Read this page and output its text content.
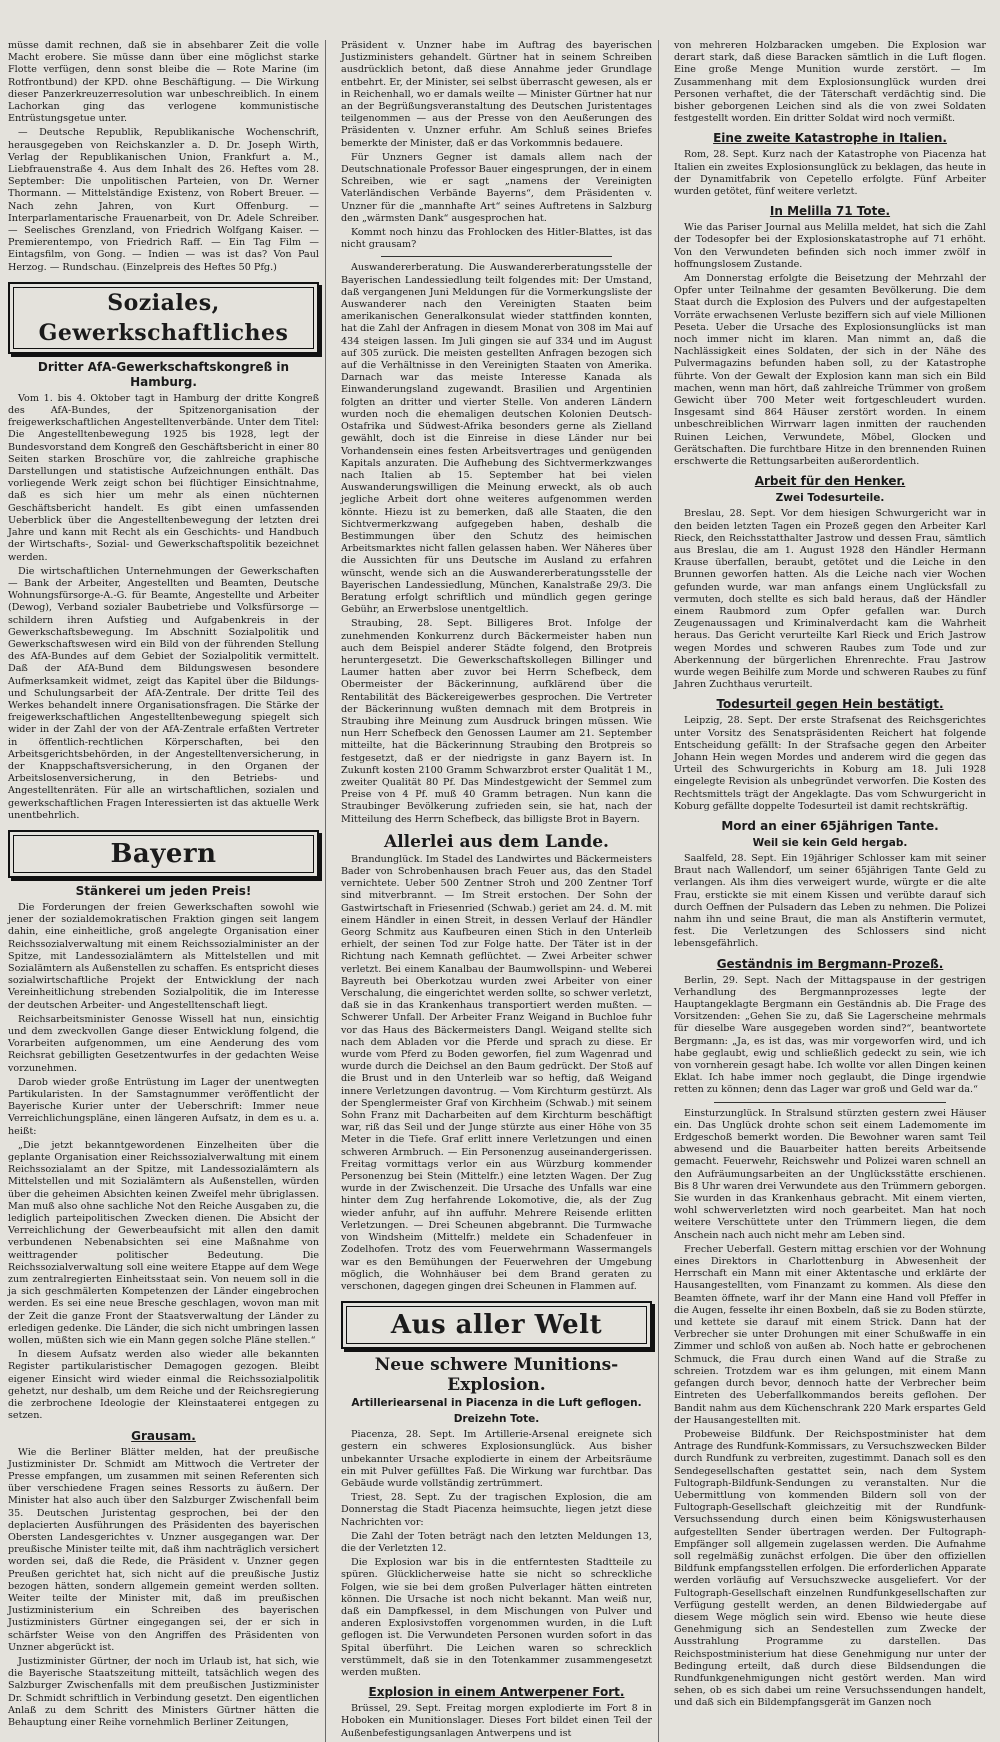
müsse damit rechnen, daß sie in absehbarer Zeit die volle Macht erobere. Sie müsse dann über eine möglichst starke Flotte verfügen, denn sonst bleibe die — Rote Marine (im Rotfrontbund) der KPD. ohne Beschäftigung. — Die Wirkung dieser Panzerkreuzerresolution war unbeschreiblich. In einem Lachorkan ging das verlogene kommunistische Entrüstungsgetue unter.

— Deutsche Republik, Republikanische Wochenschrift, herausgegeben von Reichskanzler a. D. Dr. Joseph Wirth, Verlag der Republikanischen Union, Frankfurt a. M., Liebfrauenstraße 4. Aus dem Inhalt des 26. Heftes vom 28. September: Die unpolitischen Parteien, von Dr. Werner Thormann. — Mittelständige Existenz, von Robert Breuer. — Nach zehn Jahren, von Kurt Offenburg. — Interparlamentarische Frauenarbeit, von Dr. Adele Schreiber. — Seelisches Grenzland, von Friedrich Wolfgang Kaiser. — Premierentempo, von Friedrich Raff. — Ein Tag Film — Eintagsfilm, von Gong. — Indien — was ist das? Von Paul Herzog. — Rundschau. (Einzelpreis des Heftes 50 Pfg.)

Soziales, Gewerkschaftliches
Dritter AfA-Gewerkschaftskongreß in Hamburg.

Vom 1. bis 4. Oktober tagt in Hamburg der dritte Kongreß des AfA-Bundes, der Spitzenorganisation der freigewerkschaftlichen Angestelltenverbände. Unter dem Titel: Die Angestelltenbewegung 1925 bis 1928, legt der Bundesvorstand dem Kongreß den Geschäftsbericht in einer 80 Seiten starken Broschüre vor, die zahlreiche graphische Darstellungen und statistische Aufzeichnungen enthält. Das vorliegende Werk zeigt schon bei flüchtiger Einsichtnahme, daß es sich hier um mehr als einen nüchternen Geschäftsbericht handelt. Es gibt einen umfassenden Ueberblick über die Angestelltenbewegung der letzten drei Jahre und kann mit Recht als ein Geschichts- und Handbuch der Wirtschafts-, Sozial- und Gewerkschaftspolitik bezeichnet werden.

Die wirtschaftlichen Unternehmungen der Gewerkschaften — Bank der Arbeiter, Angestellten und Beamten, Deutsche Wohnungsfürsorge-A.-G. für Beamte, Angestellte und Arbeiter (Dewog), Verband sozialer Baubetriebe und Volksfürsorge — schildern ihren Aufstieg und Aufgabenkreis in der Gewerkschaftsbewegung. Im Abschnitt Sozialpolitik und Gewerkschaftswesen wird ein Bild von der führenden Stellung des AfA-Bundes auf dem Gebiet der Sozialpolitik vermittelt. Daß der AfA-Bund dem Bildungswesen besondere Aufmerksamkeit widmet, zeigt das Kapitel über die Bildungs- und Schulungsarbeit der AfA-Zentrale. Der dritte Teil des Werkes behandelt innere Organisationsfragen. Die Stärke der freigewerkschaftlichen Angestelltenbewegung spiegelt sich wider in der Zahl der von der AfA-Zentrale erfaßten Vertreter in öffentlich-rechtlichen Körperschaften, bei den Arbeitsgerichtsbehörden, in der Angestelltenversicherung, in der Knappschaftsversicherung, in den Organen der Arbeitslosenversicherung, in den Betriebs- und Angestelltenräten. Für alle an wirtschaftlichen, sozialen und gewerkschaftlichen Fragen Interessierten ist das aktuelle Werk unentbehrlich.

Bayern
Stänkerei um jeden Preis!

Die Forderungen der freien Gewerkschaften sowohl wie jener der sozialdemokratischen Fraktion gingen seit langem dahin, eine einheitliche, groß angelegte Organisation einer Reichssozialverwaltung mit einem Reichssozialminister an der Spitze, mit Landessozialämtern als Mittelstellen und mit Sozialämtern als Außenstellen zu schaffen. Es entspricht dieses sozialwirtschaftliche Projekt der Entwicklung der nach Vereinheitlichung strebenden Sozialpolitik, die im Interesse der deutschen Arbeiter- und Angestelltenschaft liegt.

Reichsarbeitsminister Genosse Wissell hat nun, einsichtig und dem zweckvollen Gange dieser Entwicklung folgend, die Vorarbeiten aufgenommen, um eine Aenderung des vom Reichsrat gebilligten Gesetzentwurfes in der gedachten Weise vorzunehmen.

Darob wieder große Entrüstung im Lager der unentwegten Partikularisten. In der Samstagnummer veröffentlicht der Bayerische Kurier unter der Ueberschrift: Immer neue Verreichlichungspläne, einen längeren Aufsatz, in dem es u. a. heißt:

„Die jetzt bekanntgewordenen Einzelheiten über die geplante Organisation einer Reichssozialverwaltung mit einem Reichssozialamt an der Spitze, mit Landessozialämtern als Mittelstellen und mit Sozialämtern als Außenstellen, würden über die geheimen Absichten keinen Zweifel mehr übriglassen. Man muß also ohne sachliche Not den Reiche Ausgaben zu, die lediglich parteipolitischen Zwecken dienen. Die Absicht der Verreichlichung der Gewerbeaufsicht mit allen den damit verbundenen Nebenabsichten sei eine Maßnahme von weittragender politischer Bedeutung. Die Reichssozialverwaltung soll eine weitere Etappe auf dem Wege zum zentralregierten Einheitsstaat sein. Von neuem soll in die ja sich geschmälerten Kompetenzen der Länder eingebrochen werden. Es sei eine neue Bresche geschlagen, wovon man mit der Zeit die ganze Front der Staatsverwaltung der Länder zu erledigen gedenke. Die Länder, die sich nicht umbringen lassen wollen, müßten sich wie ein Mann gegen solche Pläne stellen.“

In diesem Aufsatz werden also wieder alle bekannten Register partikularistischer Demagogen gezogen. Bleibt eigener Einsicht wird wieder einmal die Reichssozialpolitik gehetzt, nur deshalb, um dem Reiche und der Reichsregierung die zerbrochene Ideologie der Kleinstaaterei entgegen zu setzen.

Grausam.

Wie die Berliner Blätter melden, hat der preußische Justizminister Dr. Schmidt am Mittwoch die Vertreter der Presse empfangen, um zusammen mit seinen Referenten sich über verschiedene Fragen seines Ressorts zu äußern. Der Minister hat also auch über den Salzburger Zwischenfall beim 35. Deutschen Juristentag gesprochen, bei der den deplacierten Ausführungen des Präsidenten des bayerischen Obersten Landesgerichtes v. Unzner ausgegangen war. Der preußische Minister teilte mit, daß ihm nachträglich versichert worden sei, daß die Rede, die Präsident v. Unzner gegen Preußen gerichtet hat, sich nicht auf die preußische Justiz bezogen hätten, sondern allgemein gemeint werden sollten. Weiter teilte der Minister mit, daß im preußischen Justizministerium ein Schreiben des bayerischen Justizministers Gürtner eingegangen sei, der er sich in schärfster Weise von den Angriffen des Präsidenten von Unzner abgerückt ist.

Justizminister Gürtner, der noch im Urlaub ist, hat sich, wie die Bayerische Staatszeitung mitteilt, tatsächlich wegen des Salzburger Zwischenfalls mit dem preußischen Justizminister Dr. Schmidt schriftlich in Verbindung gesetzt. Den eigentlichen Anlaß zu dem Schritt des Ministers Gürtner hätten die Behauptung einer Reihe vornehmlich Berliner Zeitungen,

Präsident v. Unzner habe im Auftrag des bayerischen Justizministers gehandelt. Gürtner hat in seinem Schreiben ausdrücklich betont, daß diese Annahme jeder Grundlage entbehrt. Er, der Minister, sei selbst überrascht gewesen, als er in Reichenhall, wo er damals weilte — Minister Gürtner hat nur an der Begrüßungsveranstaltung des Deutschen Juristentages teilgenommen — aus der Presse von den Aeußerungen des Präsidenten v. Unzner erfuhr. Am Schluß seines Briefes bemerkte der Minister, daß er das Vorkommnis bedauere.

Für Unzners Gegner ist damals allem nach der Deutschnationale Professor Bauer eingesprungen, der in einem Schreiben, wie er sagt „namens der Vereinigten Vaterländischen Verbände Bayerns“, dem Präsidenten v. Unzner für die „mannhafte Art“ seines Auftretens in Salzburg den „wärmsten Dank“ ausgesprochen hat.

Kommt noch hinzu das Frohlocken des Hitler-Blattes, ist das nicht grausam?

Auswandererberatung. Die Auswandererberatungsstelle der Bayerischen Landessiedlung teilt folgendes mit: Der Umstand, daß vergangenen Juni Meldungen für die Vormerkungsliste der Auswanderer nach den Vereinigten Staaten beim amerikanischen Generalkonsulat wieder stattfinden konnten, hat die Zahl der Anfragen in diesem Monat von 308 im Mai auf 434 steigen lassen. Im Juli gingen sie auf 334 und im August auf 305 zurück. Die meisten gestellten Anfragen bezogen sich auf die Verhältnisse in den Vereinigten Staaten von Amerika. Darnach war das meiste Interesse Kanada als Einwanderungsland zugewandt. Brasilien und Argentinien folgten an dritter und vierter Stelle. Von anderen Ländern wurden noch die ehemaligen deutschen Kolonien Deutsch-Ostafrika und Südwest-Afrika besonders gerne als Zielland gewählt, doch ist die Einreise in diese Länder nur bei Vorhandensein eines festen Arbeitsvertrages und genügenden Kapitals anzuraten. Die Aufhebung des Sichtvermerkzwanges nach Italien ab 15. September hat bei vielen Auswanderungswilligen die Meinung erweckt, als ob auch jegliche Arbeit dort ohne weiteres aufgenommen werden könnte. Hiezu ist zu bemerken, daß alle Staaten, die den Sichtvermerkzwang aufgegeben haben, deshalb die Bestimmungen über den Schutz des heimischen Arbeitsmarktes nicht fallen gelassen haben. Wer Näheres über die Aussichten für uns Deutsche im Ausland zu erfahren wünscht, wende sich an die Auswandererberatungsstelle der Bayerischen Landessiedlung, München, Kanalstraße 29/3. Die Beratung erfolgt schriftlich und mündlich gegen geringe Gebühr, an Erwerbslose unentgeltlich.

Straubing, 28. Sept. Billigeres Brot. Infolge der zunehmenden Konkurrenz durch Bäckermeister haben nun auch dem Beispiel anderer Städte folgend, den Brotpreis heruntergesetzt. Die Gewerkschaftskollegen Billinger und Laumer hatten aber zuvor bei Herrn Schefbeck, dem Obermeister der Bäckerinnung, aufklärend über die Rentabilität des Bäckereigewerbes gesprochen. Die Vertreter der Bäckerinnung wußten demnach mit dem Brotpreis in Straubing ihre Meinung zum Ausdruck bringen müssen. Wie nun Herr Schefbeck den Genossen Laumer am 21. September mitteilte, hat die Bäckerinnung Straubing den Brotpreis so festgesetzt, daß er der niedrigste in ganz Bayern ist. In Zukunft kosten 2100 Gramm Schwarzbrot erster Qualität 1 M., zweiter Qualität 80 Pf. Das Mindestgewicht der Semmel zum Preise von 4 Pf. muß 40 Gramm betragen. Nun kann die Straubinger Bevölkerung zufrieden sein, sie hat, nach der Mitteilung des Herrn Schefbeck, das billigste Brot in Bayern.

Allerlei aus dem Lande.

Brandunglück. Im Stadel des Landwirtes und Bäckermeisters Bader von Schrobenhausen brach Feuer aus, das den Stadel vernichtete. Ueber 500 Zentner Stroh und 200 Zentner Torf sind mitverbrannt. — Im Streit erstochen. Der Sohn der Gastwirtschaft in Friesenried (Schwab.) geriet am 24. d. M. mit einem Händler in einen Streit, in dessen Verlauf der Händler Georg Schmitz aus Kaufbeuren einen Stich in den Unterleib erhielt, der seinen Tod zur Folge hatte. Der Täter ist in der Richtung nach Kemnath geflüchtet. — Zwei Arbeiter schwer verletzt. Bei einem Kanalbau der Baumwollspinn- und Weberei Bayreuth bei Oberkotzau wurden zwei Arbeiter von einer Verschalung, die eingerichtet werden sollte, so schwer verletzt, daß sie in das Krankenhaus transportiert werden mußten. — Schwerer Unfall. Der Arbeiter Franz Weigand in Buchloe fuhr vor das Haus des Bäckermeisters Dangl. Weigand stellte sich nach dem Abladen vor die Pferde und sprach zu diese. Er wurde vom Pferd zu Boden geworfen, fiel zum Wagenrad und wurde durch die Deichsel an den Baum gedrückt. Der Stoß auf die Brust und in den Unterleib war so heftig, daß Weigand innere Verletzungen davontrug. — Vom Kirchturm gestürzt. Als der Spenglermeister Graf von Kirchheim (Schwab.) mit seinem Sohn Franz mit Dacharbeiten auf dem Kirchturm beschäftigt war, riß das Seil und der Junge stürzte aus einer Höhe von 35 Meter in die Tiefe. Graf erlitt innere Verletzungen und einen schweren Armbruch. — Ein Personenzug auseinandergerissen. Freitag vormittags verlor ein aus Würzburg kommender Personenzug bei Stein (Mittelfr.) eine letzten Wagen. Der Zug wurde in der Zwischenzeit. Die Ursache des Unfalls war eine hinter dem Zug herfahrende Lokomotive, die, als der Zug wieder anfuhr, auf ihn auffuhr. Mehrere Reisende erlitten Verletzungen. — Drei Scheunen abgebrannt. Die Turmwache von Windsheim (Mittelfr.) meldete ein Schadenfeuer in Zodelhofen. Trotz des vom Feuerwehrmann Wassermangels war es den Bemühungen der Feuerwehren der Umgebung möglich, die Wohnhäuser bei dem Brand geraten zu verschonen, dagegen gingen drei Scheunen in Flammen auf.

Aus aller Welt
Neue schwere Munitions-Explosion.
Artilleriearsenal in Piacenza in die Luft geflogen.
Dreizehn Tote.

Piacenza, 28. Sept. Im Artillerie-Arsenal ereignete sich gestern ein schweres Explosionsunglück. Aus bisher unbekannter Ursache explodierte in einem der Arbeitsräume ein mit Pulver gefülltes Faß. Die Wirkung war furchtbar. Das Gebäude wurde vollständig zertrümmert.

Triest, 28. Sept. Zu der tragischen Explosion, die am Donnerstag die Stadt Piacenza heimsuchte, liegen jetzt diese Nachrichten vor:

Die Zahl der Toten beträgt nach den letzten Meldungen 13, die der Verletzten 12.

Die Explosion war bis in die entferntesten Stadtteile zu spüren. Glücklicherweise hatte sie nicht so schreckliche Folgen, wie sie bei dem großen Pulverlager hätten eintreten können. Die Ursache ist noch nicht bekannt. Man weiß nur, daß ein Dampfkessel, in dem Mischungen von Pulver und anderen Explosivstoffen vorgenommen wurden, in die Luft geflogen ist. Die Verwundeten Personen wurden sofort in das Spital überführt. Die Leichen waren so schrecklich verstümmelt, daß sie in den Totenkammer zusammengesetzt werden mußten.

Explosion in einem Antwerpener Fort.

Brüssel, 29. Sept. Freitag morgen explodierte im Fort 8 in Hoboken ein Munitionslager. Dieses Fort bildet einen Teil der Außenbefestigungsanlagen Antwerpens und ist

von mehreren Holzbaracken umgeben. Die Explosion war derart stark, daß diese Baracken sämtlich in die Luft flogen. Eine große Menge Munition wurde zerstört. — Im Zusammenhang mit dem Explosionsunglück wurden drei Personen verhaftet, die der Täterschaft verdächtig sind. Die bisher geborgenen Leichen sind als die von zwei Soldaten festgestellt worden. Ein dritter Soldat wird noch vermißt.

Eine zweite Katastrophe in Italien.

Rom, 28. Sept. Kurz nach der Katastrophe von Piacenza hat Italien ein zweites Explosionsunglück zu beklagen, das heute in der Dynamitfabrik von Cepetello erfolgte. Fünf Arbeiter wurden getötet, fünf weitere verletzt.

In Melilla 71 Tote.

Wie das Pariser Journal aus Melilla meldet, hat sich die Zahl der Todesopfer bei der Explosionskatastrophe auf 71 erhöht. Von den Verwundeten befinden sich noch immer zwölf in hoffnungslosem Zustande.

Am Donnerstag erfolgte die Beisetzung der Mehrzahl der Opfer unter Teilnahme der gesamten Bevölkerung. Die dem Staat durch die Explosion des Pulvers und der aufgestapelten Vorräte erwachsenen Verluste beziffern sich auf viele Millionen Peseta. Ueber die Ursache des Explosionsunglücks ist man noch immer nicht im klaren. Man nimmt an, daß die Nachlässigkeit eines Soldaten, der sich in der Nähe des Pulvermagazins befunden haben soll, zu der Katastrophe führte. Von der Gewalt der Explosion kann man sich ein Bild machen, wenn man hört, daß zahlreiche Trümmer von großem Gewicht über 700 Meter weit fortgeschleudert wurden. Insgesamt sind 864 Häuser zerstört worden. In einem unbeschreiblichen Wirrwarr lagen inmitten der rauchenden Ruinen Leichen, Verwundete, Möbel, Glocken und Gerätschaften. Die furchtbare Hitze in den brennenden Ruinen erschwerte die Rettungsarbeiten außerordentlich.

Arbeit für den Henker.
Zwei Todesurteile.

Breslau, 28. Sept. Vor dem hiesigen Schwurgericht war in den beiden letzten Tagen ein Prozeß gegen den Arbeiter Karl Rieck, den Reichsstatthalter Jastrow und dessen Frau, sämtlich aus Breslau, die am 1. August 1928 den Händler Hermann Krause überfallen, beraubt, getötet und die Leiche in den Brunnen geworfen hatten. Als die Leiche nach vier Wochen gefunden wurde, war man anfangs einem Unglücksfall zu vermuten, doch stellte es sich bald heraus, daß der Händler einem Raubmord zum Opfer gefallen war. Durch Zeugenaussagen und Kriminalverdacht kam die Wahrheit heraus. Das Gericht verurteilte Karl Rieck und Erich Jastrow wegen Mordes und schweren Raubes zum Tode und zur Aberkennung der bürgerlichen Ehrenrechte. Frau Jastrow wurde wegen Beihilfe zum Morde und schweren Raubes zu fünf Jahren Zuchthaus verurteilt.

Todesurteil gegen Hein bestätigt.

Leipzig, 28. Sept. Der erste Strafsenat des Reichsgerichtes unter Vorsitz des Senatspräsidenten Reichert hat folgende Entscheidung gefällt: In der Strafsache gegen den Arbeiter Johann Hein wegen Mordes und anderem wird die gegen das Urteil des Schwurgerichts in Koburg am 18. Juli 1928 eingelegte Revision als unbegründet verworfen. Die Kosten des Rechtsmittels trägt der Angeklagte. Das vom Schwurgericht in Koburg gefällte doppelte Todesurteil ist damit rechtskräftig.

Mord an einer 65jährigen Tante.
Weil sie kein Geld hergab.

Saalfeld, 28. Sept. Ein 19jähriger Schlosser kam mit seiner Braut nach Wallendorf, um seiner 65jährigen Tante Geld zu verlangen. Als ihm dies verweigert wurde, würgte er die alte Frau, erstickte sie mit einem Kissen und verübte darauf sich durch Oeffnen der Pulsadern das Leben zu nehmen. Die Polizei nahm ihn und seine Braut, die man als Anstifterin vermutet, fest. Die Verletzungen des Schlossers sind nicht lebensgefährlich.

Geständnis im Bergmann-Prozeß.

Berlin, 29. Sept. Nach der Mittagspause in der gestrigen Verhandlung des Bergmannprozesses legte der Hauptangeklagte Bergmann ein Geständnis ab. Die Frage des Vorsitzenden: „Gehen Sie zu, daß Sie Lagerscheine mehrmals für dieselbe Ware ausgegeben worden sind?“, beantwortete Bergmann: „Ja, es ist das, was mir vorgeworfen wird, und ich habe geglaubt, ewig und schließlich gedeckt zu sein, wie ich von vornherein gesagt habe. Ich wollte vor allen Dingen keinen Eklat. Ich habe immer noch geglaubt, die Dinge irgendwie retten zu können; denn das Lager war groß und Geld war da.“

Einsturzunglück. In Stralsund stürzten gestern zwei Häuser ein. Das Unglück drohte schon seit einem Lademomente im Erdgeschoß bemerkt worden. Die Bewohner waren samt Teil abwesend und die Bauarbeiter hatten bereits Arbeitsende gemacht. Feuerwehr, Reichswehr und Polizei waren schnell an den Aufräumungsarbeiten an der Unglücksstätte erschienen. Bis 8 Uhr waren drei Verwundete aus den Trümmern geborgen. Sie wurden in das Krankenhaus gebracht. Mit einem vierten, wohl schwerverletzten wird noch gearbeitet. Man hat noch weitere Verschüttete unter den Trümmern liegen, die dem Anschein nach auch nicht mehr am Leben sind.

Frecher Ueberfall. Gestern mittag erschien vor der Wohnung eines Direktors in Charlottenburg in Abwesenheit der Herrschaft ein Mann mit einer Aktentasche und erklärte der Hausangestellten, vom Finanzamt zu kommen. Als diese den Beamten öffnete, warf ihr der Mann eine Hand voll Pfeffer in die Augen, fesselte ihr einen Boxbeln, daß sie zu Boden stürzte, und kettete sie darauf mit einem Strick. Dann hat der Verbrecher sie unter Drohungen mit einer Schußwaffe in ein Zimmer und schloß von außen ab. Noch hatte er gebrochenen Schmuck, die Frau durch einen Wand auf die Straße zu schreien. Trotzdem war es ihm gelungen, mit einem Mann gefangen durch bevor, dennoch hatte der Verbrecher beim Eintreten des Ueberfallkommandos bereits geflohen. Der Bandit nahm aus dem Küchenschrank 220 Mark erspartes Geld der Hausangestellten mit.

Probeweise Bildfunk. Der Reichspostminister hat dem Antrage des Rundfunk-Kommissars, zu Versuchszwecken Bilder durch Rundfunk zu verbreiten, zugestimmt. Danach soll es den Sendegesellschaften gestattet sein, nach dem System Fultograph-Bildfunk-Sendungen zu veranstalten. Nur die Uebermittlung von kommenden Bildern soll von der Fultograph-Gesellschaft gleichzeitig mit der Rundfunk-Versuchssendung durch einen beim Königswusterhausen aufgestellten Sender übertragen werden. Der Fultograph-Empfänger soll allgemein zugelassen werden. Die Aufnahme soll regelmäßig zunächst erfolgen. Die über den offiziellen Bildfunk empfangsstellen erfolgen. Die erforderlichen Apparate werden vorläufig auf Versuchszwecke ausgeliefert. Vor der Fultograph-Gesellschaft einzelnen Rundfunkgesellschaften zur Verfügung gestellt werden, an denen Bildwiedergabe auf diesem Wege möglich sein wird. Ebenso wie heute diese Genehmigung sich an Sendestellen zum Zwecke der Ausstrahlung Programme zu darstellen. Das Reichspostministerium hat diese Genehmigung nur unter der Bedingung erteilt, daß durch diese Bildsendungen die Rundfunkgenehmigungen nicht gestört werden. Man wird sehen, ob es sich dabei um reine Versuchssendungen handelt, und daß sich ein Bildempfangsgerät im Ganzen noch
